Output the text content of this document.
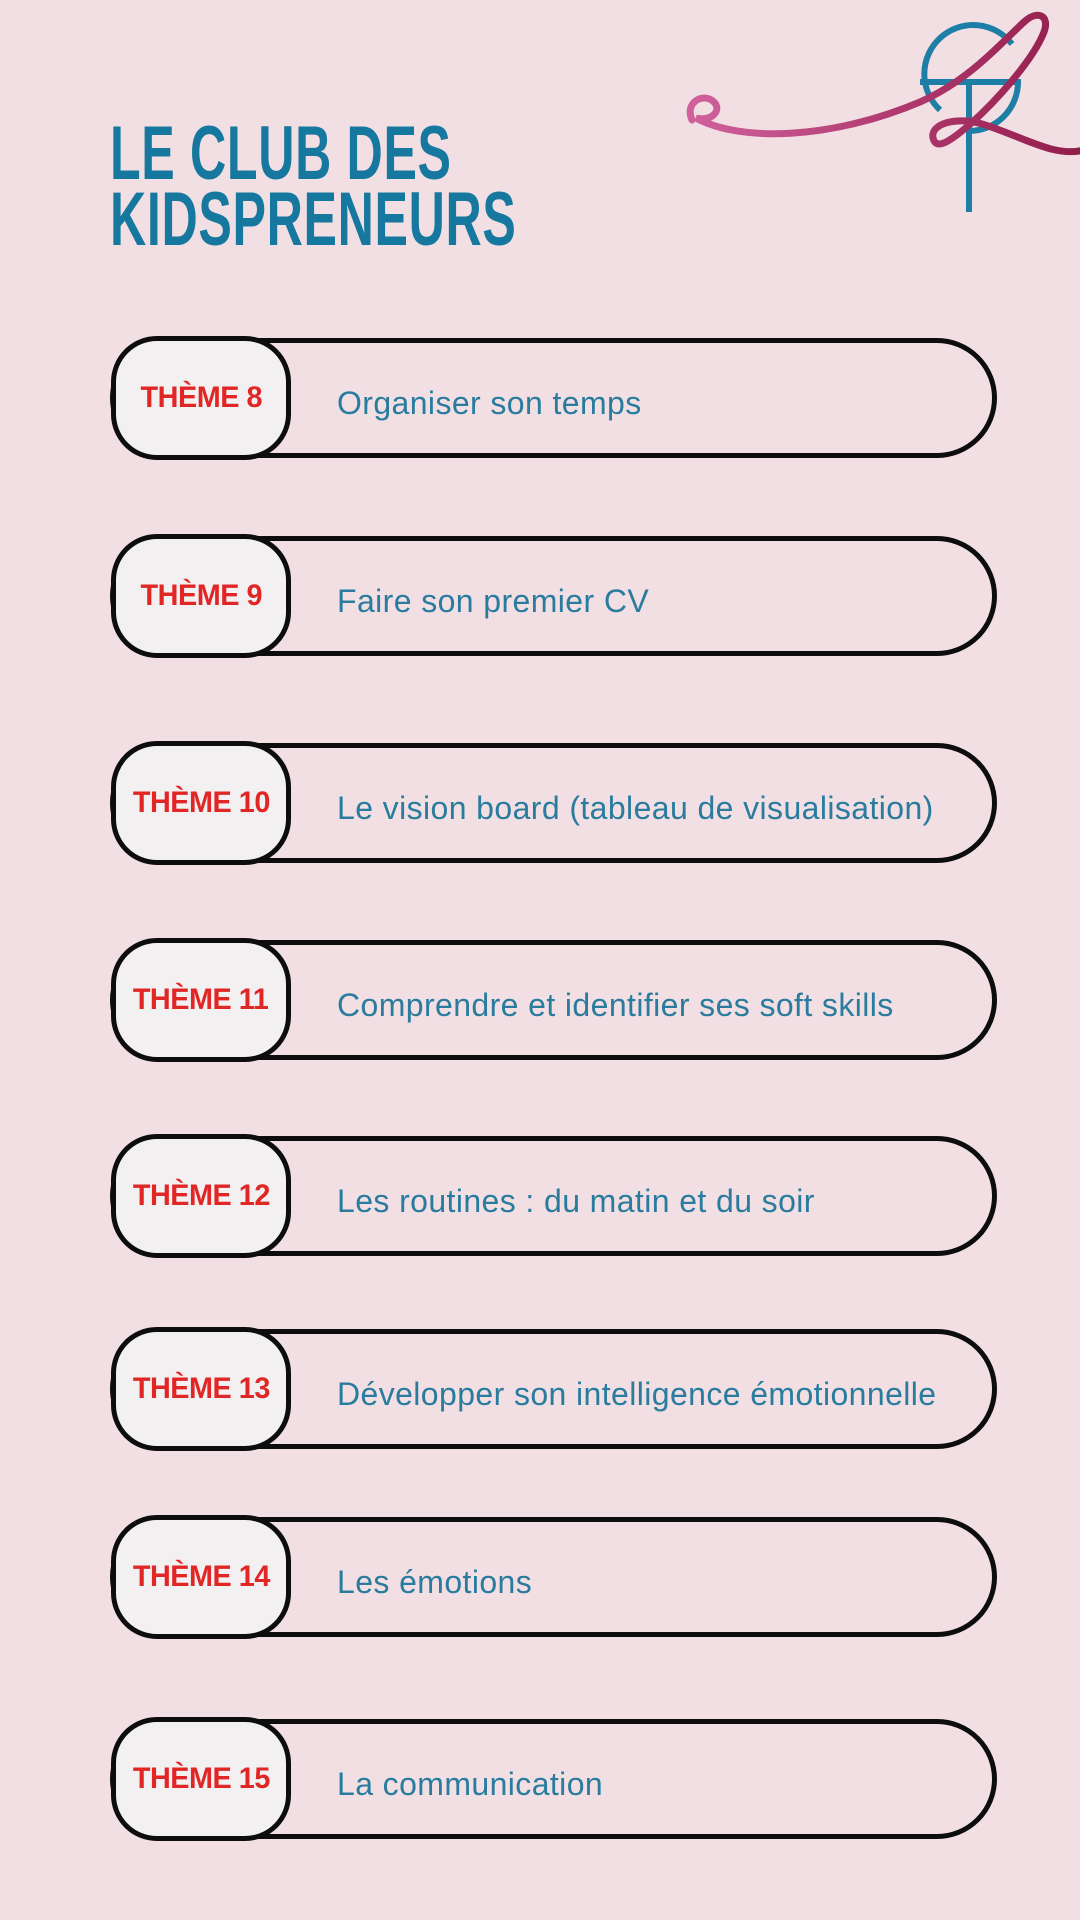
LE CLUB DES
KIDSPRENEURS
THÈME 8 Organiser son temps
THÈME 9 Faire son premier CV
THÈME 10 Le vision board (tableau de visualisation)
THÈME 11 Comprendre et identifier ses soft skills
THÈME 12 Les routines : du matin et du soir
THÈME 13 Développer son intelligence émotionnelle
THÈME 14 Les émotions
THÈME 15 La communication
